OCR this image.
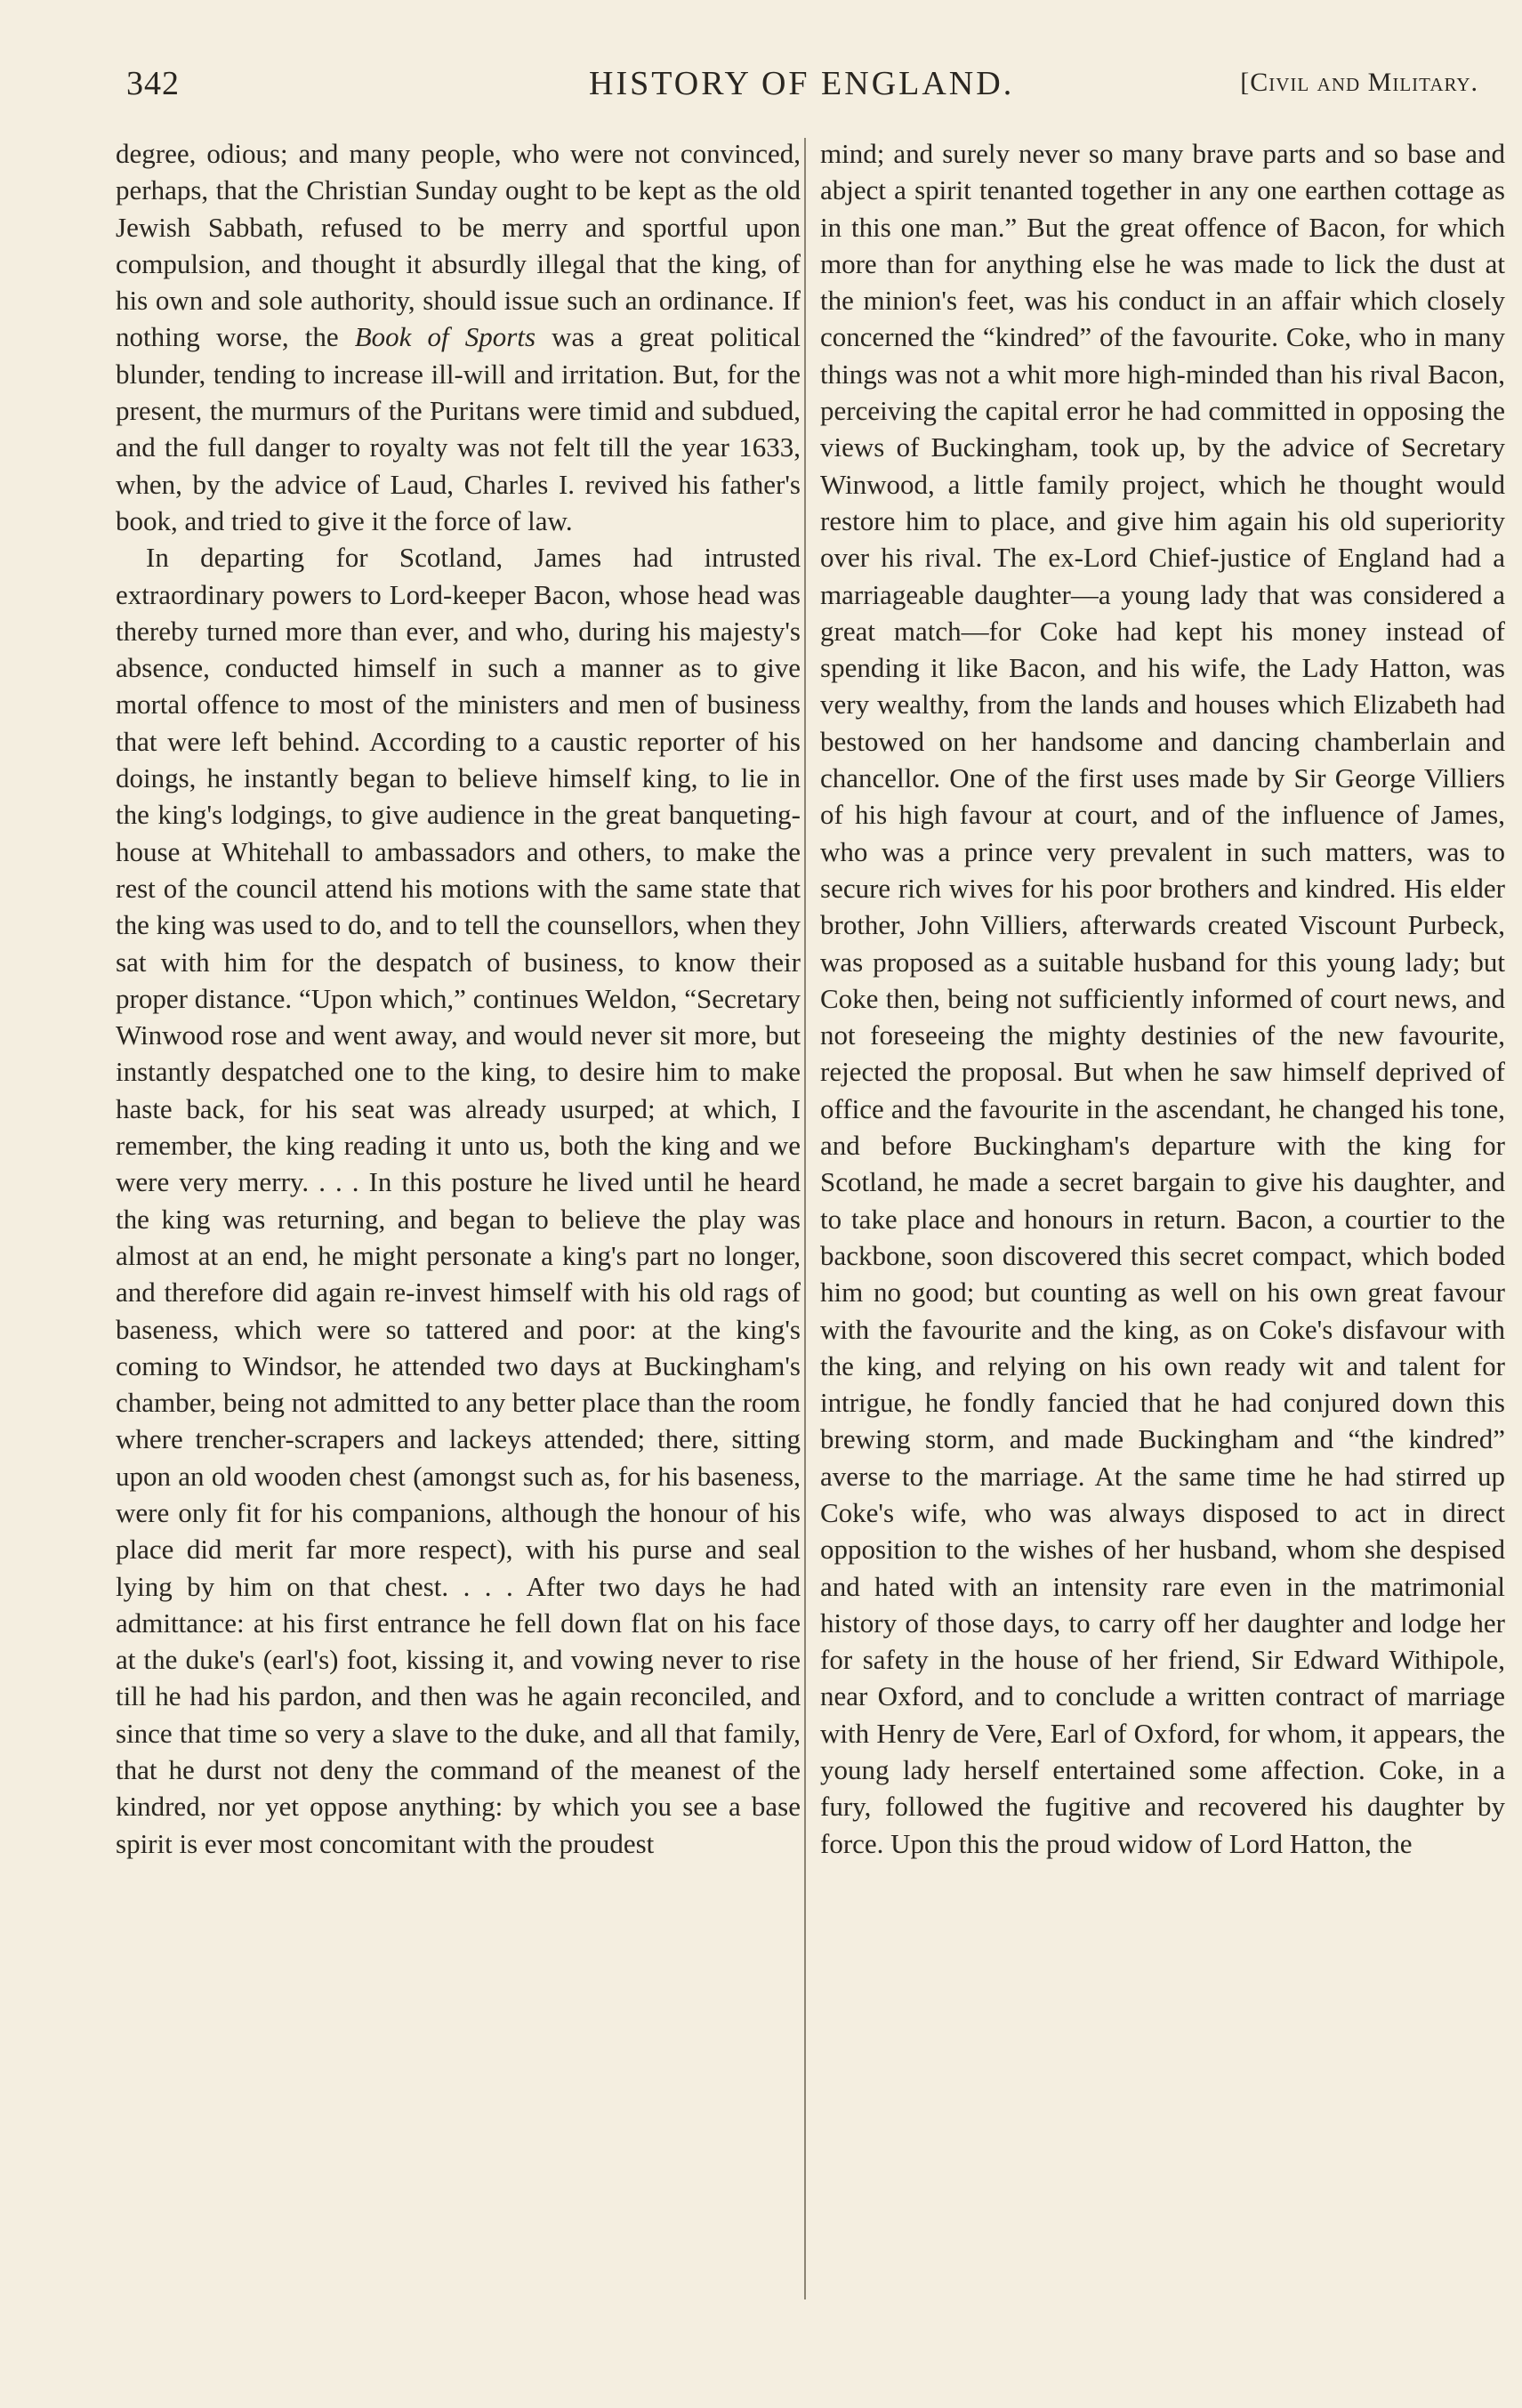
342	HISTORY OF ENGLAND.	[Civil and Military.

degree, odious; and many people, who were not convinced, perhaps, that the Christian Sunday ought to be kept as the old Jewish Sabbath, refused to be merry and sportful upon compulsion, and thought it absurdly illegal that the king, of his own and sole authority, should issue such an ordinance. If nothing worse, the Book of Sports was a great political blunder, tending to increase ill-will and irritation. But, for the present, the murmurs of the Puritans were timid and subdued, and the full danger to royalty was not felt till the year 1633, when, by the advice of Laud, Charles I. revived his father's book, and tried to give it the force of law.

In departing for Scotland, James had intrusted extraordinary powers to Lord-keeper Bacon, whose head was thereby turned more than ever, and who, during his majesty's absence, conducted himself in such a manner as to give mortal offence to most of the ministers and men of business that were left behind. According to a caustic reporter of his doings, he instantly began to believe himself king, to lie in the king's lodgings, to give audience in the great banqueting-house at Whitehall to ambassadors and others, to make the rest of the council attend his motions with the same state that the king was used to do, and to tell the counsellors, when they sat with him for the despatch of business, to know their proper distance. “Upon which,” continues Weldon, “Secretary Winwood rose and went away, and would never sit more, but instantly despatched one to the king, to desire him to make haste back, for his seat was already usurped; at which, I remember, the king reading it unto us, both the king and we were very merry. . . . In this posture he lived until he heard the king was returning, and began to believe the play was almost at an end, he might personate a king's part no longer, and therefore did again re-invest himself with his old rags of baseness, which were so tattered and poor: at the king's coming to Windsor, he attended two days at Buckingham's chamber, being not admitted to any better place than the room where trencher-scrapers and lackeys attended; there, sitting upon an old wooden chest (amongst such as, for his baseness, were only fit for his companions, although the honour of his place did merit far more respect), with his purse and seal lying by him on that chest. . . . After two days he had admittance: at his first entrance he fell down flat on his face at the duke's (earl's) foot, kissing it, and vowing never to rise till he had his pardon, and then was he again reconciled, and since that time so very a slave to the duke, and all that family, that he durst not deny the command of the meanest of the kindred, nor yet oppose anything: by which you see a base spirit is ever most concomitant with the proudest

mind; and surely never so many brave parts and so base and abject a spirit tenanted together in any one earthen cottage as in this one man.” But the great offence of Bacon, for which more than for anything else he was made to lick the dust at the minion's feet, was his conduct in an affair which closely concerned the “kindred” of the favourite. Coke, who in many things was not a whit more high-minded than his rival Bacon, perceiving the capital error he had committed in opposing the views of Buckingham, took up, by the advice of Secretary Winwood, a little family project, which he thought would restore him to place, and give him again his old superiority over his rival. The ex-Lord Chief-justice of England had a marriageable daughter—a young lady that was considered a great match—for Coke had kept his money instead of spending it like Bacon, and his wife, the Lady Hatton, was very wealthy, from the lands and houses which Elizabeth had bestowed on her handsome and dancing chamberlain and chancellor. One of the first uses made by Sir George Villiers of his high favour at court, and of the influence of James, who was a prince very prevalent in such matters, was to secure rich wives for his poor brothers and kindred. His elder brother, John Villiers, afterwards created Viscount Purbeck, was proposed as a suitable husband for this young lady; but Coke then, being not sufficiently informed of court news, and not foreseeing the mighty destinies of the new favourite, rejected the proposal. But when he saw himself deprived of office and the favourite in the ascendant, he changed his tone, and before Buckingham's departure with the king for Scotland, he made a secret bargain to give his daughter, and to take place and honours in return. Bacon, a courtier to the backbone, soon discovered this secret compact, which boded him no good; but counting as well on his own great favour with the favourite and the king, as on Coke's disfavour with the king, and relying on his own ready wit and talent for intrigue, he fondly fancied that he had conjured down this brewing storm, and made Buckingham and “the kindred” averse to the marriage. At the same time he had stirred up Coke's wife, who was always disposed to act in direct opposition to the wishes of her husband, whom she despised and hated with an intensity rare even in the matrimonial history of those days, to carry off her daughter and lodge her for safety in the house of her friend, Sir Edward Withipole, near Oxford, and to conclude a written contract of marriage with Henry de Vere, Earl of Oxford, for whom, it appears, the young lady herself entertained some affection. Coke, in a fury, followed the fugitive and recovered his daughter by force. Upon this the proud widow of Lord Hatton, the
